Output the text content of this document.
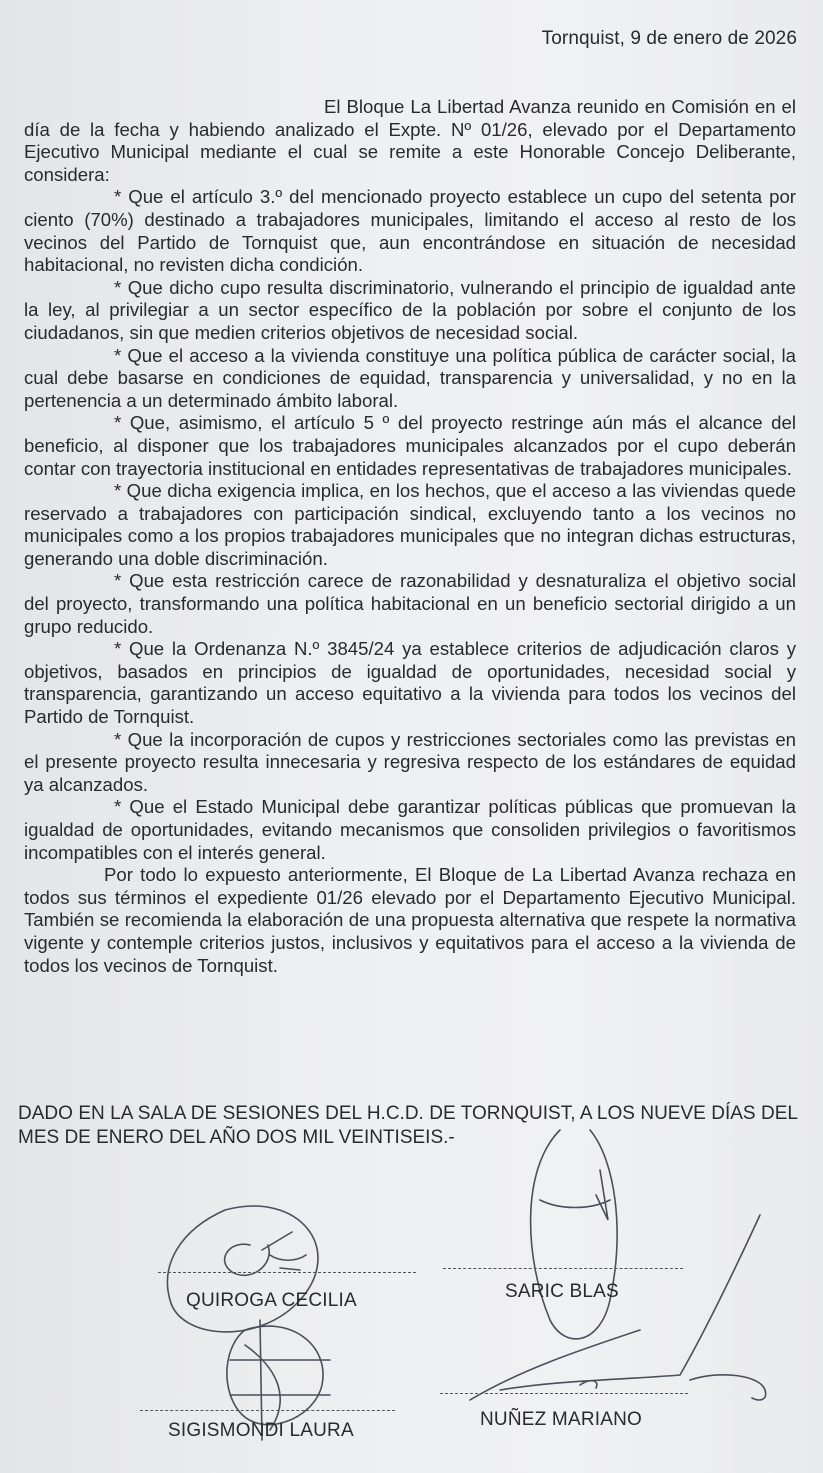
Tornquist, 9 de enero de 2026

El Bloque La Libertad Avanza reunido en Comisión en el día de la fecha y habiendo analizado el Expte. Nº 01/26, elevado por el Departamento Ejecutivo Municipal mediante el cual se remite a este Honorable Concejo Deliberante, considera:

* Que el artículo 3.º del mencionado proyecto establece un cupo del setenta por ciento (70%) destinado a trabajadores municipales, limitando el acceso al resto de los vecinos del Partido de Tornquist que, aun encontrándose en situación de necesidad habitacional, no revisten dicha condición.

* Que dicho cupo resulta discriminatorio, vulnerando el principio de igualdad ante la ley, al privilegiar a un sector específico de la población por sobre el conjunto de los ciudadanos, sin que medien criterios objetivos de necesidad social.

* Que el acceso a la vivienda constituye una política pública de carácter social, la cual debe basarse en condiciones de equidad, transparencia y universalidad, y no en la pertenencia a un determinado ámbito laboral.

* Que, asimismo, el artículo 5 º del proyecto restringe aún más el alcance del beneficio, al disponer que los trabajadores municipales alcanzados por el cupo deberán contar con trayectoria institucional en entidades representativas de trabajadores municipales.

* Que dicha exigencia implica, en los hechos, que el acceso a las viviendas quede reservado a trabajadores con participación sindical, excluyendo tanto a los vecinos no municipales como a los propios trabajadores municipales que no integran dichas estructuras, generando una doble discriminación.

* Que esta restricción carece de razonabilidad y desnaturaliza el objetivo social del proyecto, transformando una política habitacional en un beneficio sectorial dirigido a un grupo reducido.

* Que la Ordenanza N.º 3845/24 ya establece criterios de adjudicación claros y objetivos, basados en principios de igualdad de oportunidades, necesidad social y transparencia, garantizando un acceso equitativo a la vivienda para todos los vecinos del Partido de Tornquist.

* Que la incorporación de cupos y restricciones sectoriales como las previstas en el presente proyecto resulta innecesaria y regresiva respecto de los estándares de equidad ya alcanzados.

* Que el Estado Municipal debe garantizar políticas públicas que promuevan la igualdad de oportunidades, evitando mecanismos que consoliden privilegios o favoritismos incompatibles con el interés general.

Por todo lo expuesto anteriormente, El Bloque de La Libertad Avanza rechaza en todos sus términos el expediente 01/26 elevado por el Departamento Ejecutivo Municipal. También se recomienda la elaboración de una propuesta alternativa que respete la normativa vigente y contemple criterios justos, inclusivos y equitativos para el acceso a la vivienda de todos los vecinos de Tornquist.

DADO EN LA SALA DE SESIONES DEL H.C.D. DE TORNQUIST, A LOS NUEVE DÍAS DEL MES DE ENERO DEL AÑO DOS MIL VEINTISEIS.-
QUIROGA CECILIA	SARIC BLAS
SIGISMONDI LAURA
NUÑEZ MARIANO
